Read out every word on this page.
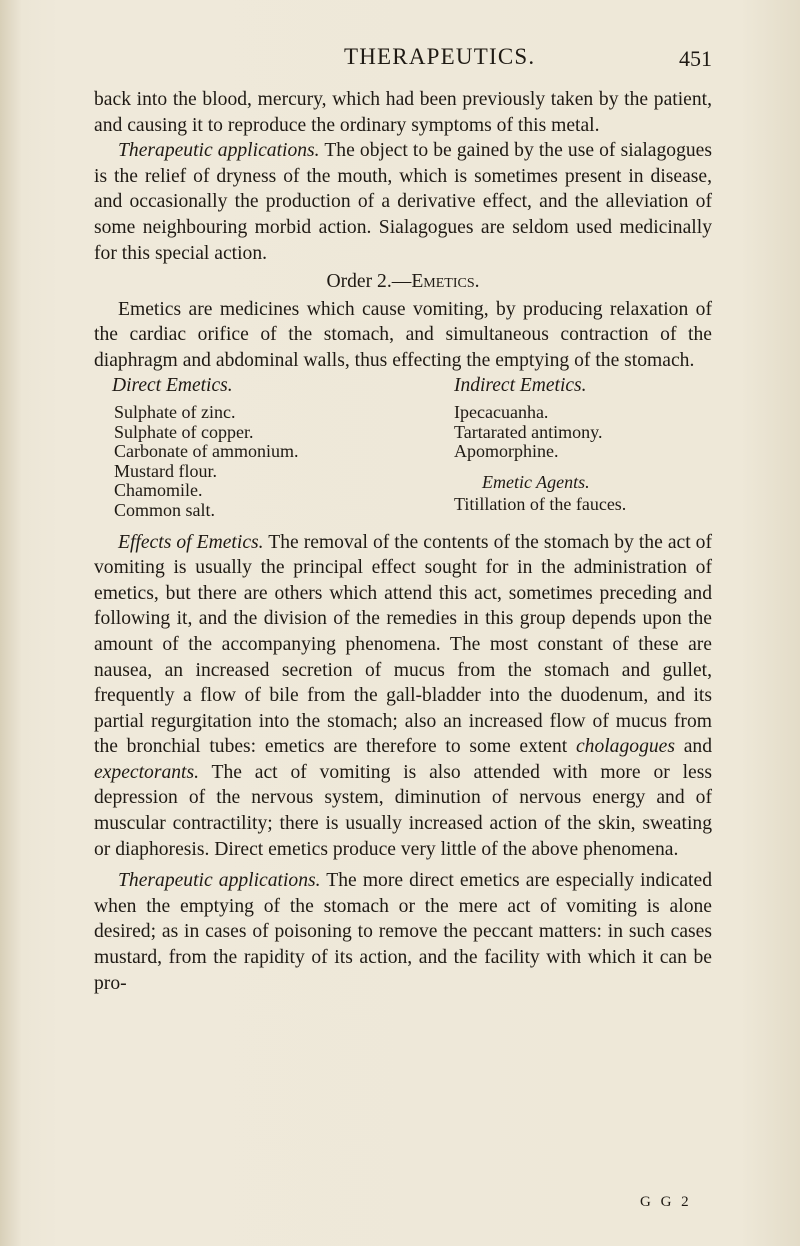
THERAPEUTICS.	451

back into the blood, mercury, which had been previously taken by the patient, and causing it to reproduce the ordinary symptoms of this metal.

Therapeutic applications. The object to be gained by the use of sialagogues is the relief of dryness of the mouth, which is sometimes present in disease, and occasionally the production of a derivative effect, and the alleviation of some neighbouring morbid action. Sialagogues are seldom used medicinally for this special action.

Order 2.—Emetics.

Emetics are medicines which cause vomiting, by producing relaxation of the cardiac orifice of the stomach, and simultaneous contraction of the diaphragm and abdominal walls, thus effecting the emptying of the stomach.

Direct Emetics.
Sulphate of zinc.
Sulphate of copper.
Carbonate of ammonium.
Mustard flour.
Chamomile.
Common salt.
Indirect Emetics.
Ipecacuanha.
Tartarated antimony.
Apomorphine.
Emetic Agents.
Titillation of the fauces.

Effects of Emetics. The removal of the contents of the stomach by the act of vomiting is usually the principal effect sought for in the administration of emetics, but there are others which attend this act, sometimes preceding and following it, and the division of the remedies in this group depends upon the amount of the accompanying phenomena. The most constant of these are nausea, an increased secretion of mucus from the stomach and gullet, frequently a flow of bile from the gall-bladder into the duodenum, and its partial regurgitation into the stomach; also an increased flow of mucus from the bronchial tubes: emetics are therefore to some extent cholagogues and expectorants. The act of vomiting is also attended with more or less depression of the nervous system, diminution of nervous energy and of muscular contractility; there is usually increased action of the skin, sweating or diaphoresis. Direct emetics produce very little of the above phenomena.

Therapeutic applications. The more direct emetics are especially indicated when the emptying of the stomach or the mere act of vomiting is alone desired; as in cases of poisoning to remove the peccant matters: in such cases mustard, from the rapidity of its action, and the facility with which it can be pro-

G G 2
